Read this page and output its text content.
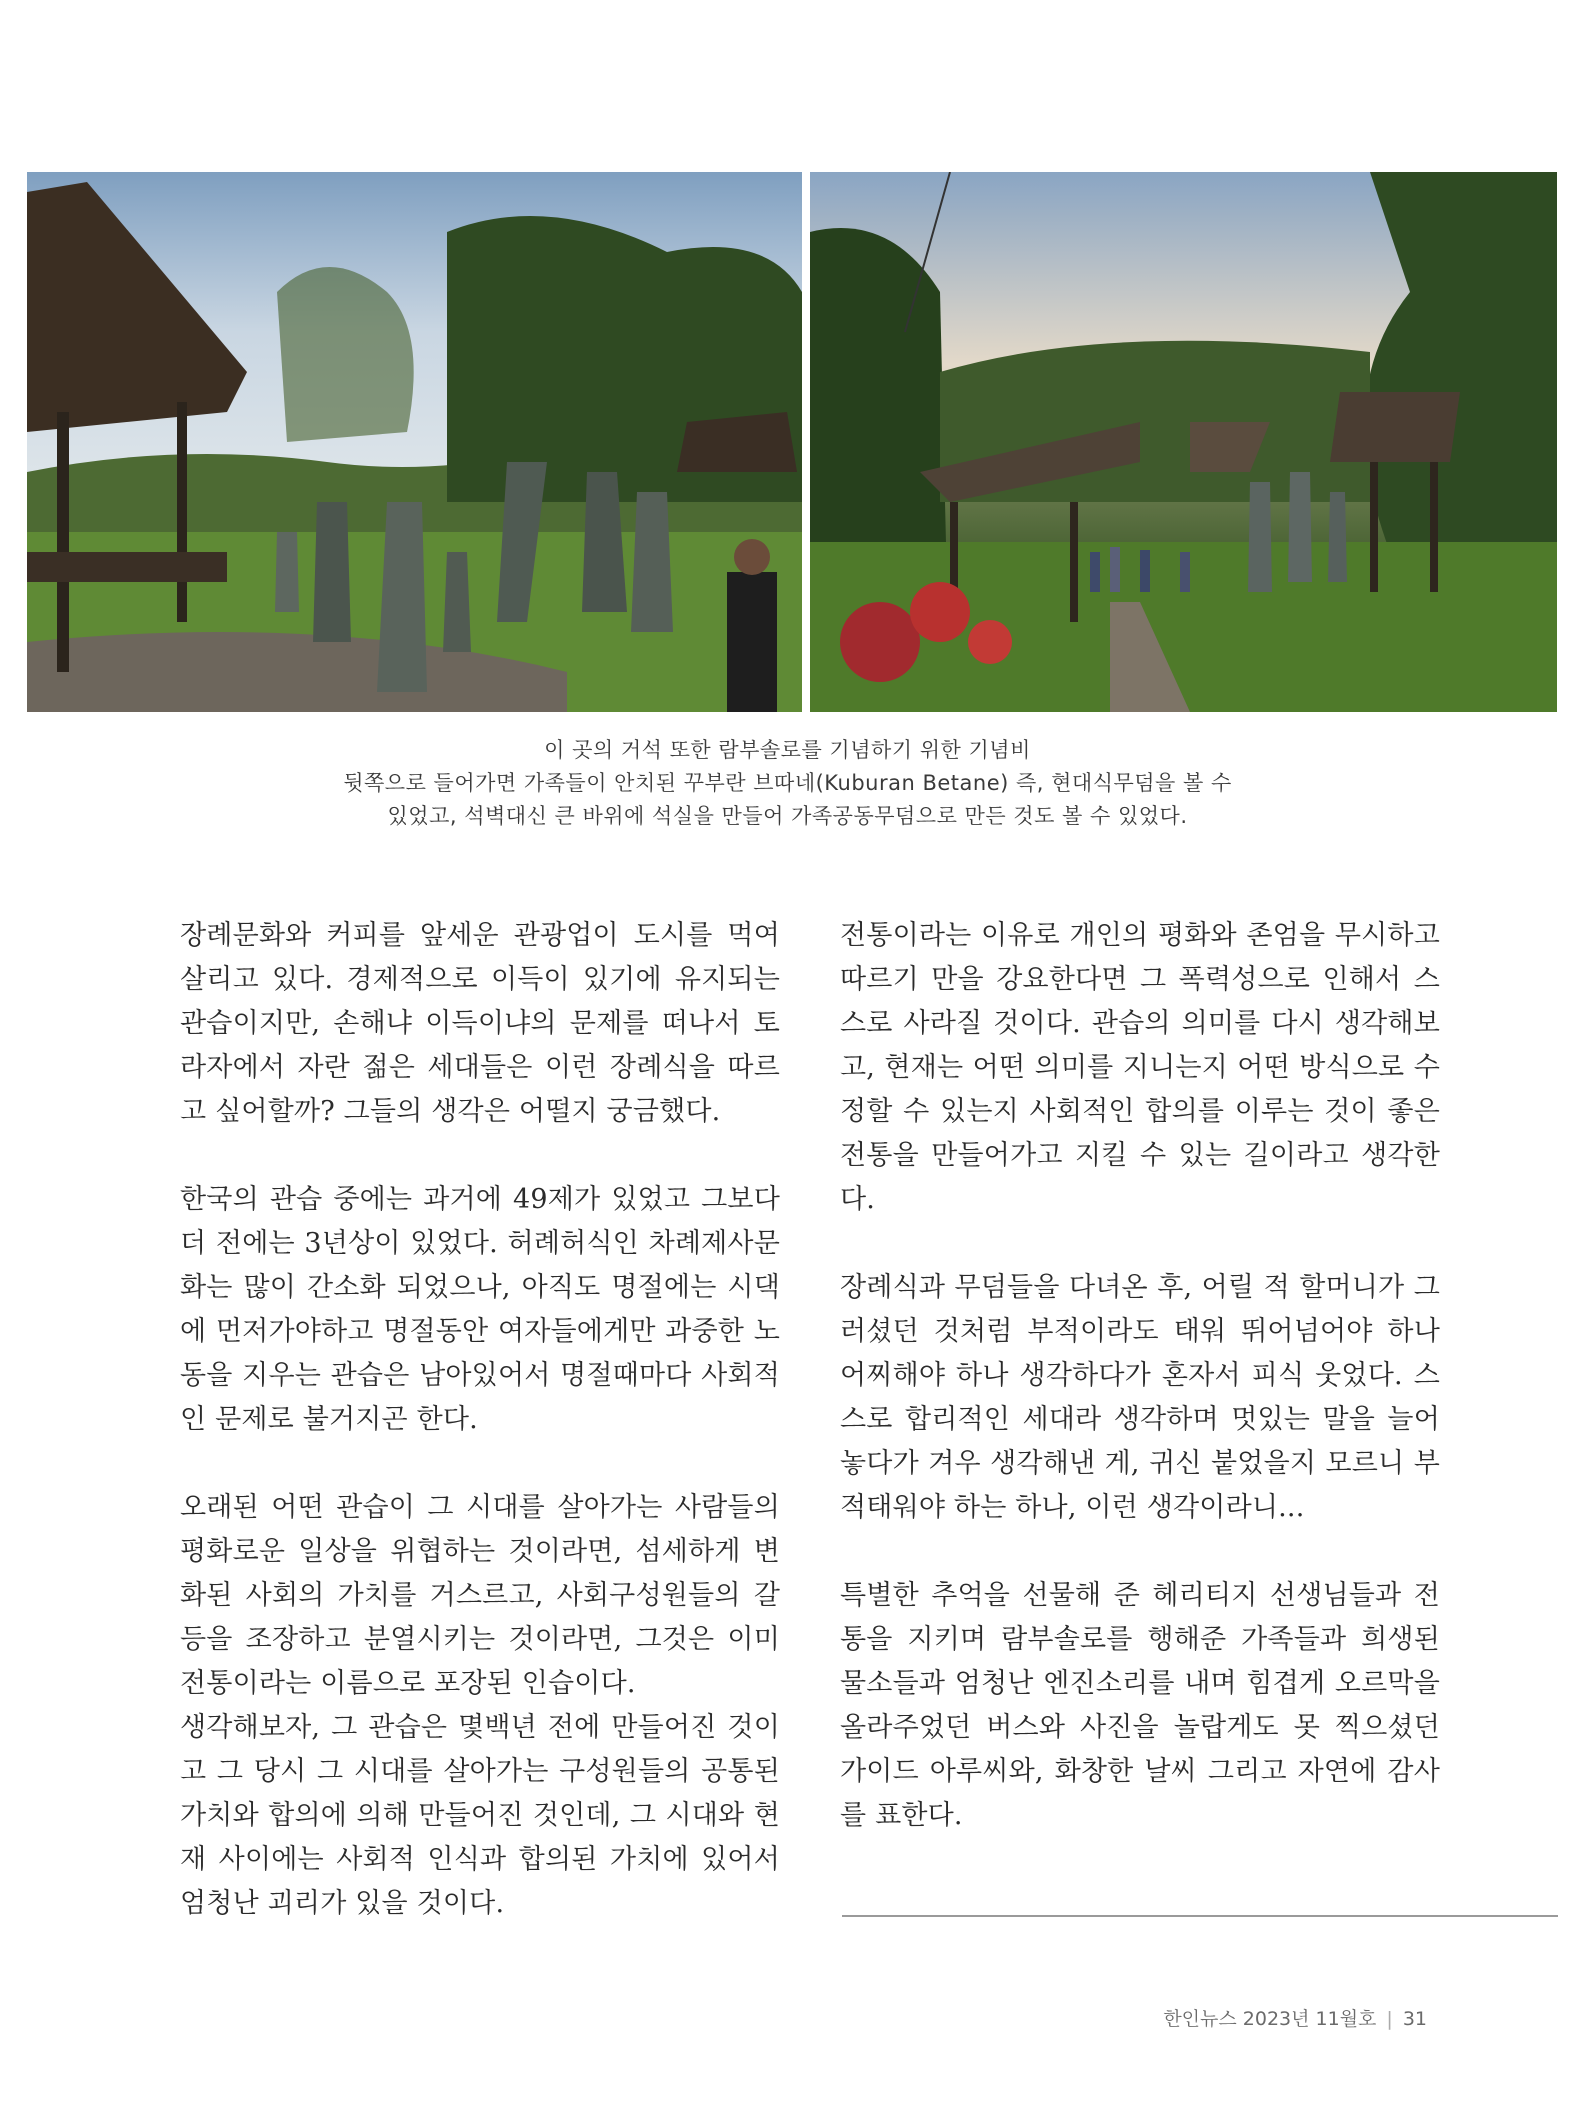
이 곳의 거석 또한 람부솔로를 기념하기 위한 기념비
뒷쪽으로 들어가면 가족들이 안치된 꾸부란 브따네(Kuburan Betane) 즉, 현대식무덤을 볼 수
있었고, 석벽대신 큰 바위에 석실을 만들어 가족공동무덤으로 만든 것도 볼 수 있었다.

장례문화와 커피를 앞세운 관광업이 도시를 먹여 살리고 있다. 경제적으로 이득이 있기에 유지되는 관습이지만, 손해냐 이득이냐의 문제를 떠나서 토라자에서 자란 젊은 세대들은 이런 장례식을 따르고 싶어할까? 그들의 생각은 어떨지 궁금했다.

한국의 관습 중에는 과거에 49제가 있었고 그보다 더 전에는 3년상이 있었다. 허례허식인 차례제사문화는 많이 간소화 되었으나, 아직도 명절에는 시댁에 먼저가야하고 명절동안 여자들에게만 과중한 노동을 지우는 관습은 남아있어서 명절때마다 사회적인 문제로 불거지곤 한다.

오래된 어떤 관습이 그 시대를 살아가는 사람들의 평화로운 일상을 위협하는 것이라면, 섬세하게 변화된 사회의 가치를 거스르고, 사회구성원들의 갈등을 조장하고 분열시키는 것이라면, 그것은 이미 전통이라는 이름으로 포장된 인습이다.

생각해보자, 그 관습은 몇백년 전에 만들어진 것이고 그 당시 그 시대를 살아가는 구성원들의 공통된 가치와 합의에 의해 만들어진 것인데, 그 시대와 현재 사이에는 사회적 인식과 합의된 가치에 있어서 엄청난 괴리가 있을 것이다.

전통이라는 이유로 개인의 평화와 존엄을 무시하고 따르기 만을 강요한다면 그 폭력성으로 인해서 스스로 사라질 것이다. 관습의 의미를 다시 생각해보고, 현재는 어떤 의미를 지니는지 어떤 방식으로 수정할 수 있는지 사회적인 합의를 이루는 것이 좋은 전통을 만들어가고 지킬 수 있는 길이라고 생각한다.

장례식과 무덤들을 다녀온 후, 어릴 적 할머니가 그러셨던 것처럼 부적이라도 태워 뛰어넘어야 하나 어찌해야 하나 생각하다가 혼자서 피식 웃었다. 스스로 합리적인 세대라 생각하며 멋있는 말을 늘어놓다가 겨우 생각해낸 게, 귀신 붙었을지 모르니 부적태워야 하는 하나, 이런 생각이라니...

특별한 추억을 선물해 준 헤리티지 선생님들과 전통을 지키며 람부솔로를 행해준 가족들과 희생된 물소들과 엄청난 엔진소리를 내며 힘겹게 오르막을 올라주었던 버스와 사진을 놀랍게도 못 찍으셨던 가이드 아루씨와, 화창한 날씨 그리고 자연에 감사를 표한다.

한인뉴스 2023년 11월호 | 31
